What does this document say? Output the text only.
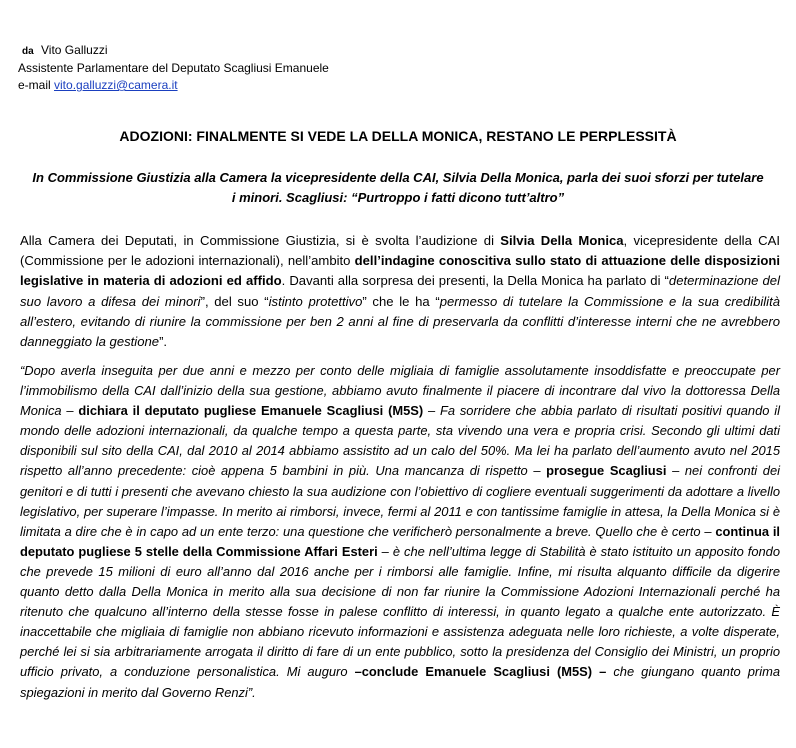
da Vito Galluzzi
Assistente Parlamentare del Deputato Scagliusi Emanuele
e-mail vito.galluzzi@camera.it
ADOZIONI: FINALMENTE SI VEDE LA DELLA MONICA, RESTANO LE PERPLESSITÀ
In Commissione Giustizia alla Camera la vicepresidente della CAI, Silvia Della Monica, parla dei suoi sforzi per tutelare i minori. Scagliusi: “Purtroppo i fatti dicono tutt’altro”
Alla Camera dei Deputati, in Commissione Giustizia, si è svolta l’audizione di Silvia Della Monica, vicepresidente della CAI (Commissione per le adozioni internazionali), nell’ambito dell’indagine conoscitiva sullo stato di attuazione delle disposizioni legislative in materia di adozioni ed affido. Davanti alla sorpresa dei presenti, la Della Monica ha parlato di “determinazione del suo lavoro a difesa dei minori”, del suo “istinto protettivo” che le ha “permesso di tutelare la Commissione e la sua credibilità all’estero, evitando di riunire la commissione per ben 2 anni al fine di preservarla da conflitti d’interesse interni che ne avrebbero danneggiato la gestione”.
“Dopo averla inseguita per due anni e mezzo per conto delle migliaia di famiglie assolutamente insoddisfatte e preoccupate per l’immobilismo della CAI dall’inizio della sua gestione, abbiamo avuto finalmente il piacere di incontrare dal vivo la dottoressa Della Monica – dichiara il deputato pugliese Emanuele Scagliusi (M5S) – Fa sorridere che abbia parlato di risultati positivi quando il mondo delle adozioni internazionali, da qualche tempo a questa parte, sta vivendo una vera e propria crisi. Secondo gli ultimi dati disponibili sul sito della CAI, dal 2010 al 2014 abbiamo assistito ad un calo del 50%. Ma lei ha parlato dell’aumento avuto nel 2015 rispetto all’anno precedente: cioè appena 5 bambini in più. Una mancanza di rispetto – prosegue Scagliusi – nei confronti dei genitori e di tutti i presenti che avevano chiesto la sua audizione con l’obiettivo di cogliere eventuali suggerimenti da adottare a livello legislativo, per superare l’impasse. In merito ai rimborsi, invece, fermi al 2011 e con tantissime famiglie in attesa, la Della Monica si è limitata a dire che è in capo ad un ente terzo: una questione che verificherò personalmente a breve. Quello che è certo – continua il deputato pugliese 5 stelle della Commissione Affari Esteri – è che nell’ultima legge di Stabilità è stato istituito un apposito fondo che prevede 15 milioni di euro all’anno dal 2016 anche per i rimborsi alle famiglie. Infine, mi risulta alquanto difficile da digerire quanto detto dalla Della Monica in merito alla sua decisione di non far riunire la Commissione Adozioni Internazionali perché ha ritenuto che qualcuno all’interno della stesse fosse in palese conflitto di interessi, in quanto legato a qualche ente autorizzato. È inaccettabile che migliaia di famiglie non abbiano ricevuto informazioni e assistenza adeguata nelle loro richieste, a volte disperate, perché lei si sia arbitrariamente arrogata il diritto di fare di un ente pubblico, sotto la presidenza del Consiglio dei Ministri, un proprio ufficio privato, a conduzione personalistica. Mi auguro –conclude Emanuele Scagliusi (M5S) – che giungano quanto prima spiegazioni in merito dal Governo Renzi”.
